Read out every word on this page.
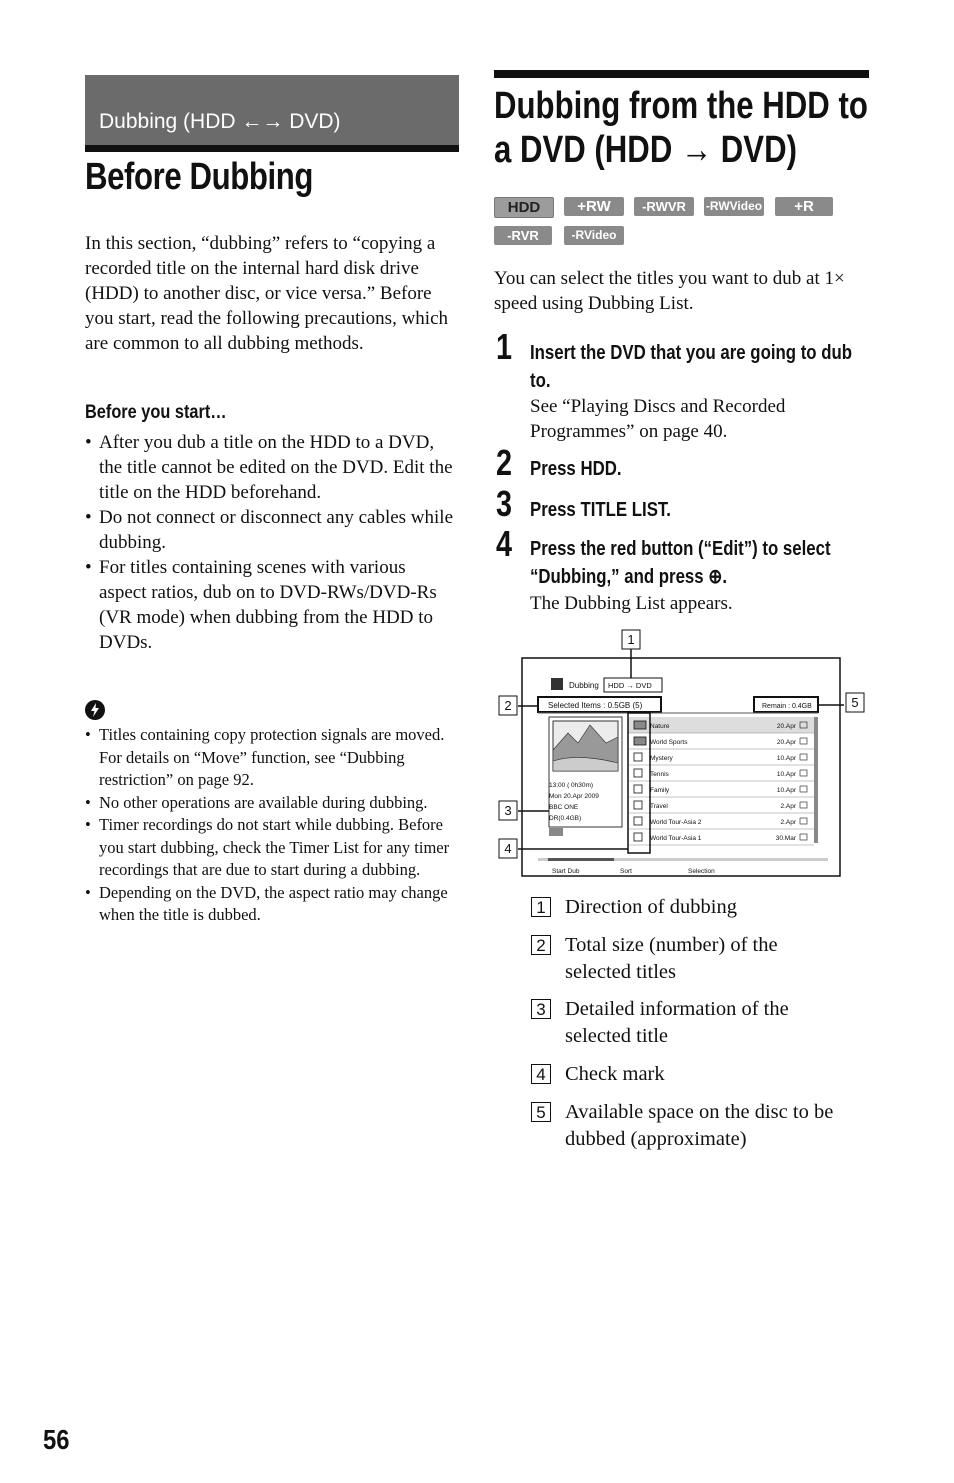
Dubbing (HDD ←→ DVD)
Before Dubbing
In this section, “dubbing” refers to “copying a recorded title on the internal hard disk drive (HDD) to another disc, or vice versa.” Before you start, read the following precautions, which are common to all dubbing methods.
Before you start…
• After you dub a title on the HDD to a DVD, the title cannot be edited on the DVD. Edit the title on the HDD beforehand.
• Do not connect or disconnect any cables while dubbing.
• For titles containing scenes with various aspect ratios, dub on to DVD-RWs/DVD-Rs (VR mode) when dubbing from the HDD to DVDs.
• Titles containing copy protection signals are moved. For details on “Move” function, see “Dubbing restriction” on page 92.
• No other operations are available during dubbing.
• Timer recordings do not start while dubbing. Before you start dubbing, check the Timer List for any timer recordings that are due to start during a dubbing.
• Depending on the DVD, the aspect ratio may change when the title is dubbed.
Dubbing from the HDD to
a DVD (HDD → DVD)
HDD	+RW	-RWVR	-RWVideo	+R
-RVR	-RVideo
You can select the titles you want to dub at 1× speed using Dubbing List.
1 Insert the DVD that you are going to dub to.
See “Playing Discs and Recorded Programmes” on page 40.
2 Press HDD.
3 Press TITLE LIST.
4 Press the red button (“Edit”) to select “Dubbing,” and press ⊕.
The Dubbing List appears.
Dubbing HDD → DVD
Selected Items : 0.5GB (5)	Remain : 0.4GB
13:00 ( 0h30m)
Mon 20.Apr 2009
BBC ONE
DR(0.4GB)
Nature	20.Apr
World Sports	20.Apr
Mystery	10.Apr
Tennis	10.Apr
Family	10.Apr
Travel	2.Apr
World Tour-Asia 2	2.Apr
World Tour-Asia 1	30.Mar
Start Dub	Sort	Selection
1
2
3
4
5
1 Direction of dubbing
2 Total size (number) of the selected titles
3 Detailed information of the selected title
4 Check mark
5 Available space on the disc to be dubbed (approximate)
56
